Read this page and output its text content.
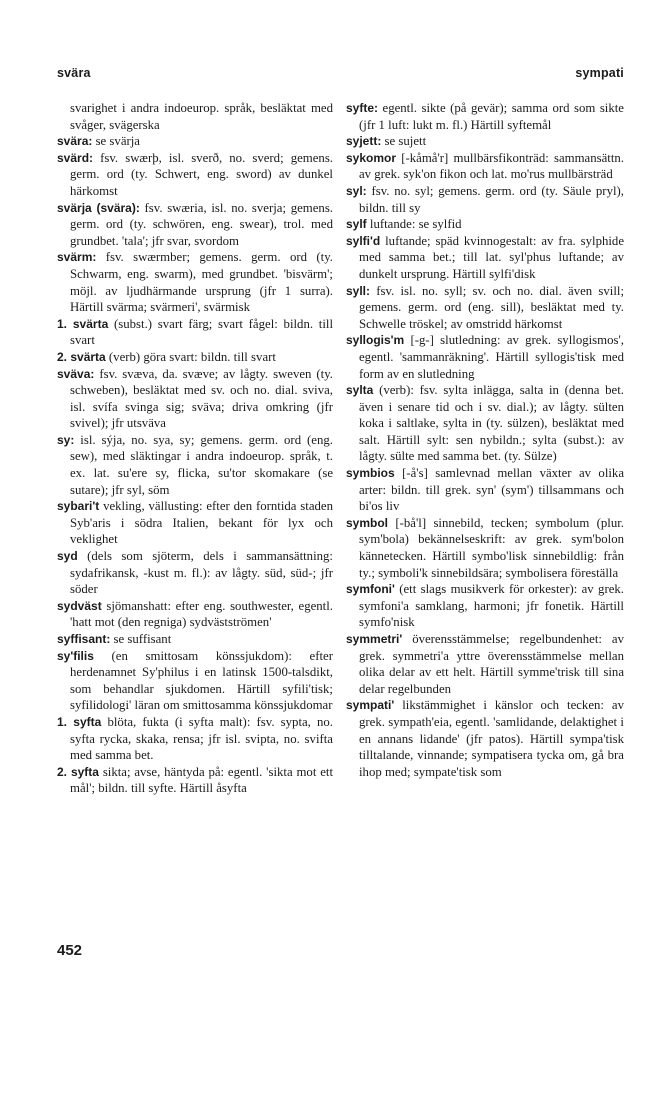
svära	sympati

svarighet i andra indoeurop. språk, besläktat med svåger, svägerska

svära: se svärja

svärd: fsv. swærþ, isl. sverð, no. sverd; gemens. germ. ord (ty. Schwert, eng. sword) av dunkel härkomst

svärja (svära): fsv. swæria, isl. no. sverja; gemens. germ. ord (ty. schwören, eng. swear), trol. med grundbet. 'tala'; jfr svar, svordom

svärm: fsv. swærmber; gemens. germ. ord (ty. Schwarm, eng. swarm), med grundbet. 'bisvärm'; möjl. av ljudhärmande ursprung (jfr 1 surra). Härtill svärma; svärmeri', svärmisk

1. svärta (subst.) svart färg; svart fågel: bildn. till svart

2. svärta (verb) göra svart: bildn. till svart

sväva: fsv. svæva, da. svæve; av lågty. sweven (ty. schweben), besläktat med sv. och no. dial. sviva, isl. svífa svinga sig; sväva; driva omkring (jfr svivel); jfr utsväva

sy: isl. sýja, no. sya, sy; gemens. germ. ord (eng. sew), med släktingar i andra indoeurop. språk, t. ex. lat. su'ere sy, flicka, su'tor skomakare (se sutare); jfr syl, söm

sybari't vekling, vällusting: efter den forntida staden Syb'aris i södra Italien, bekant för lyx och veklighet

syd (dels som sjöterm, dels i sammansättning: sydafrikansk, -kust m. fl.): av lågty. süd, süd-; jfr söder

sydväst sjömanshatt: efter eng. southwester, egentl. 'hatt mot (den regniga) sydvästströmen'

syffisant: se suffisant

sy'filis (en smittosam könssjukdom): efter herdenamnet Sy'philus i en latinsk 1500-talsdikt, som behandlar sjukdomen. Härtill syfili'tisk; syfilidologi' läran om smittosamma könssjukdomar

1. syfta blöta, fukta (i syfta malt): fsv. sypta, no. syfta rycka, skaka, rensa; jfr isl. svipta, no. svifta med samma bet.

2. syfta sikta; avse, häntyda på: egentl. 'sikta mot ett mål'; bildn. till syfte. Härtill åsyfta

syfte: egentl. sikte (på gevär); samma ord som sikte (jfr 1 luft: lukt m. fl.) Härtill syftemål

syjett: se sujett

sykomor [-kåmå'r] mullbärsfikonträd: sammansättn. av grek. syk'on fikon och lat. mo'rus mullbärsträd

syl: fsv. no. syl; gemens. germ. ord (ty. Säule pryl), bildn. till sy

sylf luftande: se sylfid

sylfi'd luftande; späd kvinnogestalt: av fra. sylphide med samma bet.; till lat. syl'phus luftande; av dunkelt ursprung. Härtill sylfi'disk

syll: fsv. isl. no. syll; sv. och no. dial. även svill; gemens. germ. ord (eng. sill), besläktat med ty. Schwelle tröskel; av omstridd härkomst

syllogis'm [-g-] slutledning: av grek. syllogismos', egentl. 'sammanräkning'. Härtill syllogis'tisk med form av en slutledning

sylta (verb): fsv. sylta inlägga, salta in (denna bet. även i senare tid och i sv. dial.); av lågty. sülten koka i saltlake, sylta in (ty. sülzen), besläktat med salt. Härtill sylt: sen nybildn.; sylta (subst.): av lågty. sülte med samma bet. (ty. Sülze)

symbios [-å's] samlevnad mellan växter av olika arter: bildn. till grek. syn' (sym') tillsammans och bi'os liv

symbol [-bå'l] sinnebild, tecken; symbolum (plur. sym'bola) bekännelseskrift: av grek. sym'bolon kännetecken. Härtill symbo'lisk sinnebildlig: från ty.; symboli'k sinnebildsära; symbolisera föreställa

symfoni' (ett slags musikverk för orkester): av grek. symfoni'a samklang, harmoni; jfr fonetik. Härtill symfo'nisk

symmetri' överensstämmelse; regelbundenhet: av grek. symmetri'a yttre överensstämmelse mellan olika delar av ett helt. Härtill symme'trisk till sina delar regelbunden

sympati' likstämmighet i känslor och tecken: av grek. sympath'eia, egentl. 'samlidande, delaktighet i en annans lidande' (jfr patos). Härtill sympa'tisk tilltalande, vinnande; sympatisera tycka om, gå bra ihop med; sympate'tisk som

452
